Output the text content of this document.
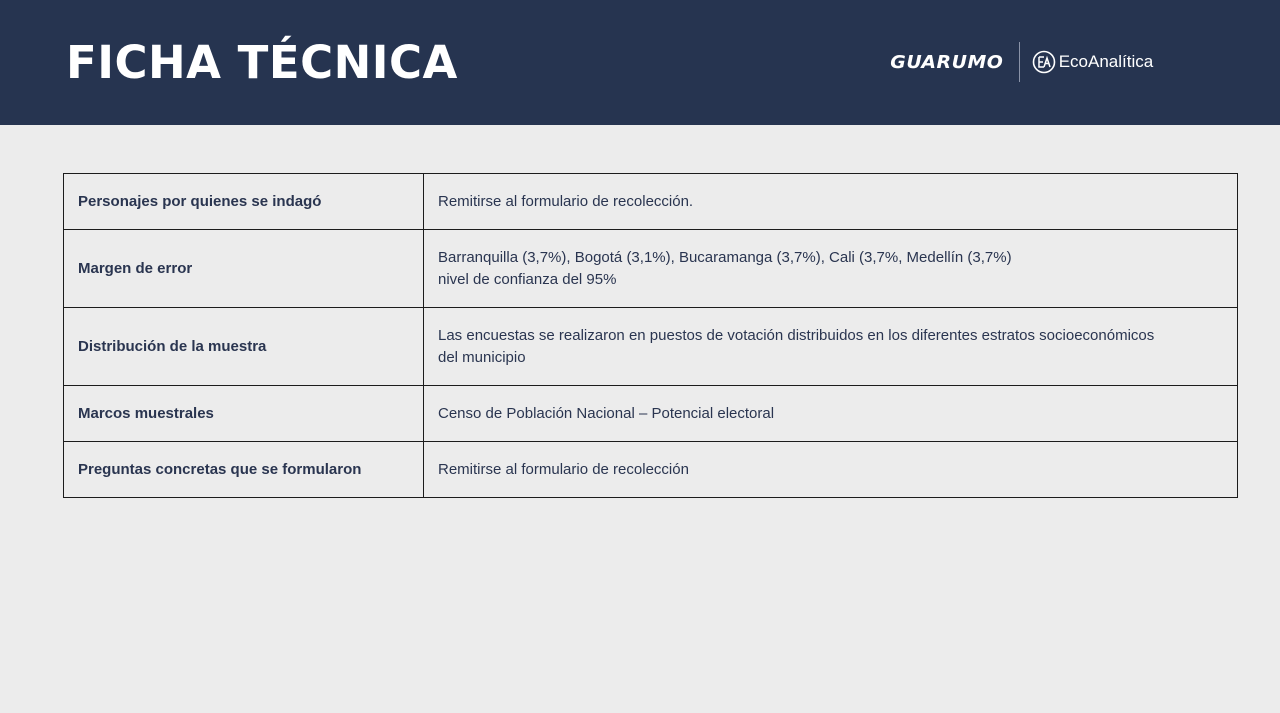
FICHA TÉCNICA	GUARUMO	EcoAnalítica
Personajes por quienes se indagó	Remitirse al formulario de recolección.

Margen de error	Barranquilla (3,7%), Bogotá (3,1%), Bucaramanga (3,7%), Cali (3,7%, Medellín (3,7%)
nivel de confianza del 95%

Distribución de la muestra	Las encuestas se realizaron en puestos de votación distribuidos en los diferentes estratos socioeconómicos
del municipio

Marcos muestrales	Censo de Población Nacional – Potencial electoral

Preguntas concretas que se formularon	Remitirse al formulario de recolección
